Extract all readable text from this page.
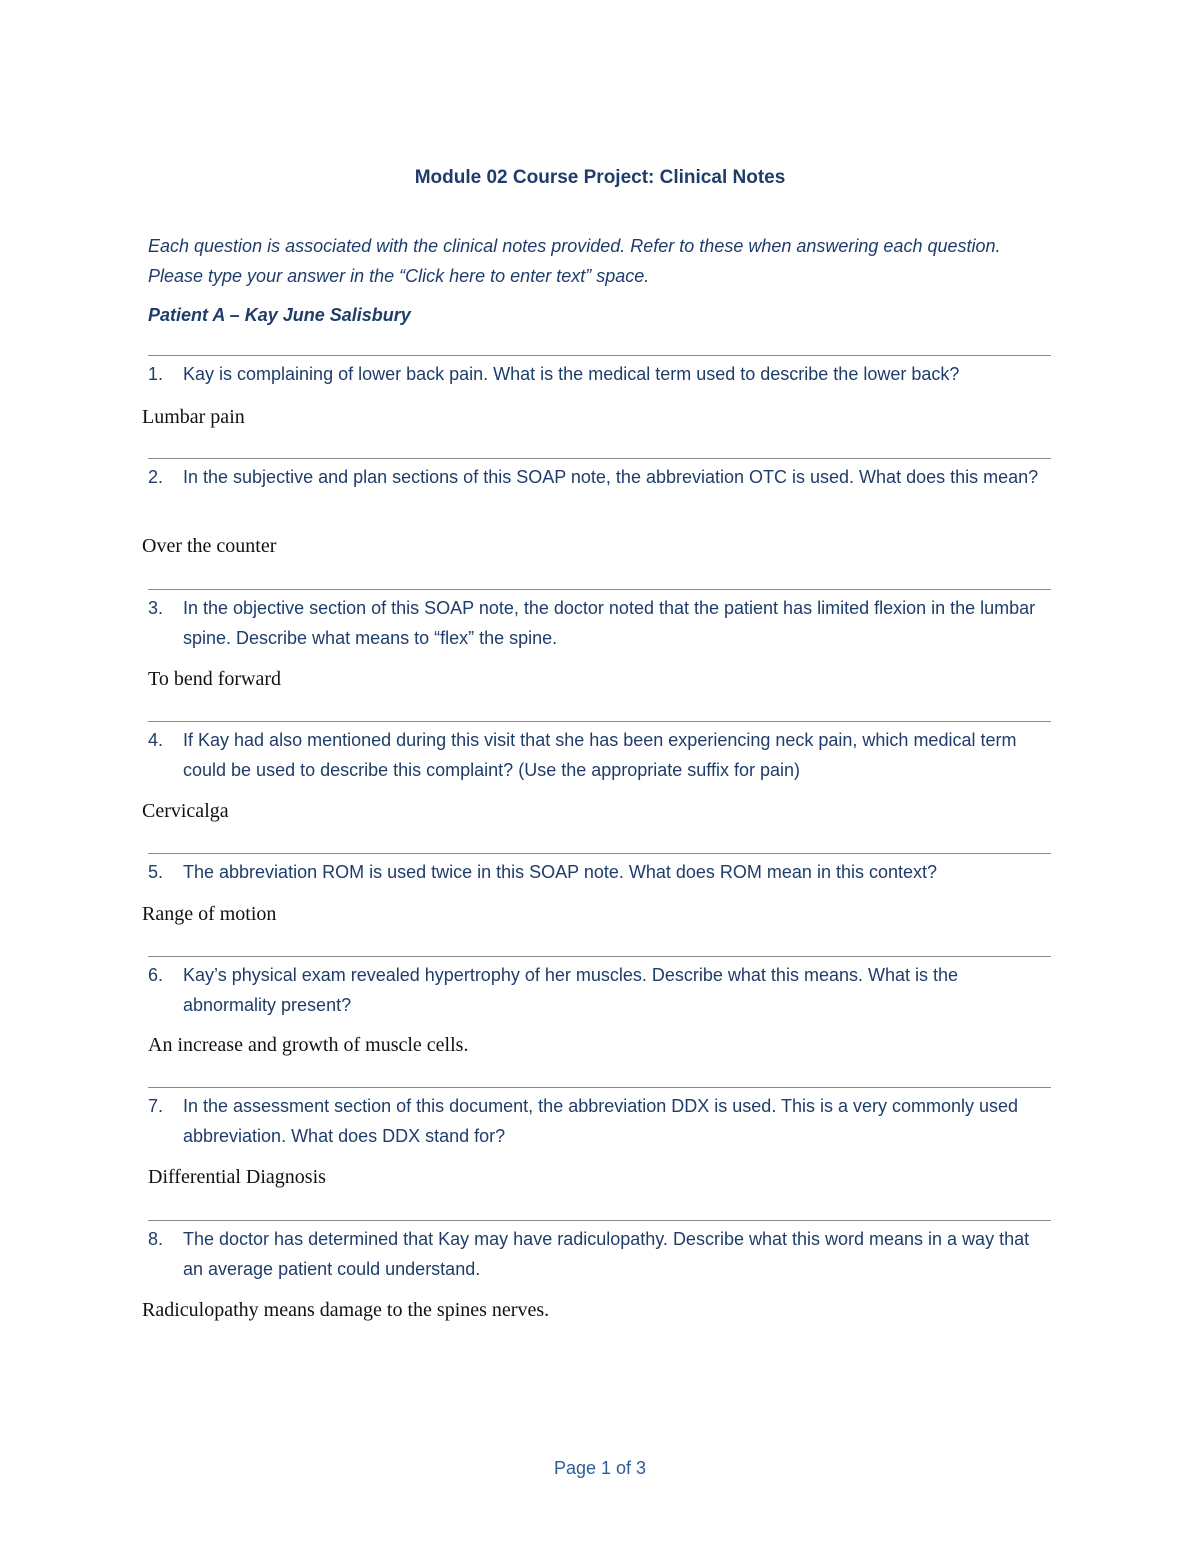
Module 02 Course Project: Clinical Notes
Each question is associated with the clinical notes provided. Refer to these when answering each question. Please type your answer in the “Click here to enter text” space.
Patient A – Kay June Salisbury
1.	Kay is complaining of lower back pain. What is the medical term used to describe the lower back?
Lumbar pain
2.	In the subjective and plan sections of this SOAP note, the abbreviation OTC is used. What does this mean?
Over the counter
3.	In the objective section of this SOAP note, the doctor noted that the patient has limited flexion in the lumbar spine. Describe what means to “flex” the spine.
To bend forward
4.	If Kay had also mentioned during this visit that she has been experiencing neck pain, which medical term could be used to describe this complaint? (Use the appropriate suffix for pain)
Cervicalga
5.	The abbreviation ROM is used twice in this SOAP note. What does ROM mean in this context?
Range of motion
6.	Kay’s physical exam revealed hypertrophy of her muscles. Describe what this means. What is the abnormality present?
An increase and growth of muscle cells.
7.	In the assessment section of this document, the abbreviation DDX is used. This is a very commonly used abbreviation. What does DDX stand for?
Differential Diagnosis
8.	The doctor has determined that Kay may have radiculopathy. Describe what this word means in a way that an average patient could understand.
Radiculopathy means damage to the spines nerves.
Page 1 of 3
